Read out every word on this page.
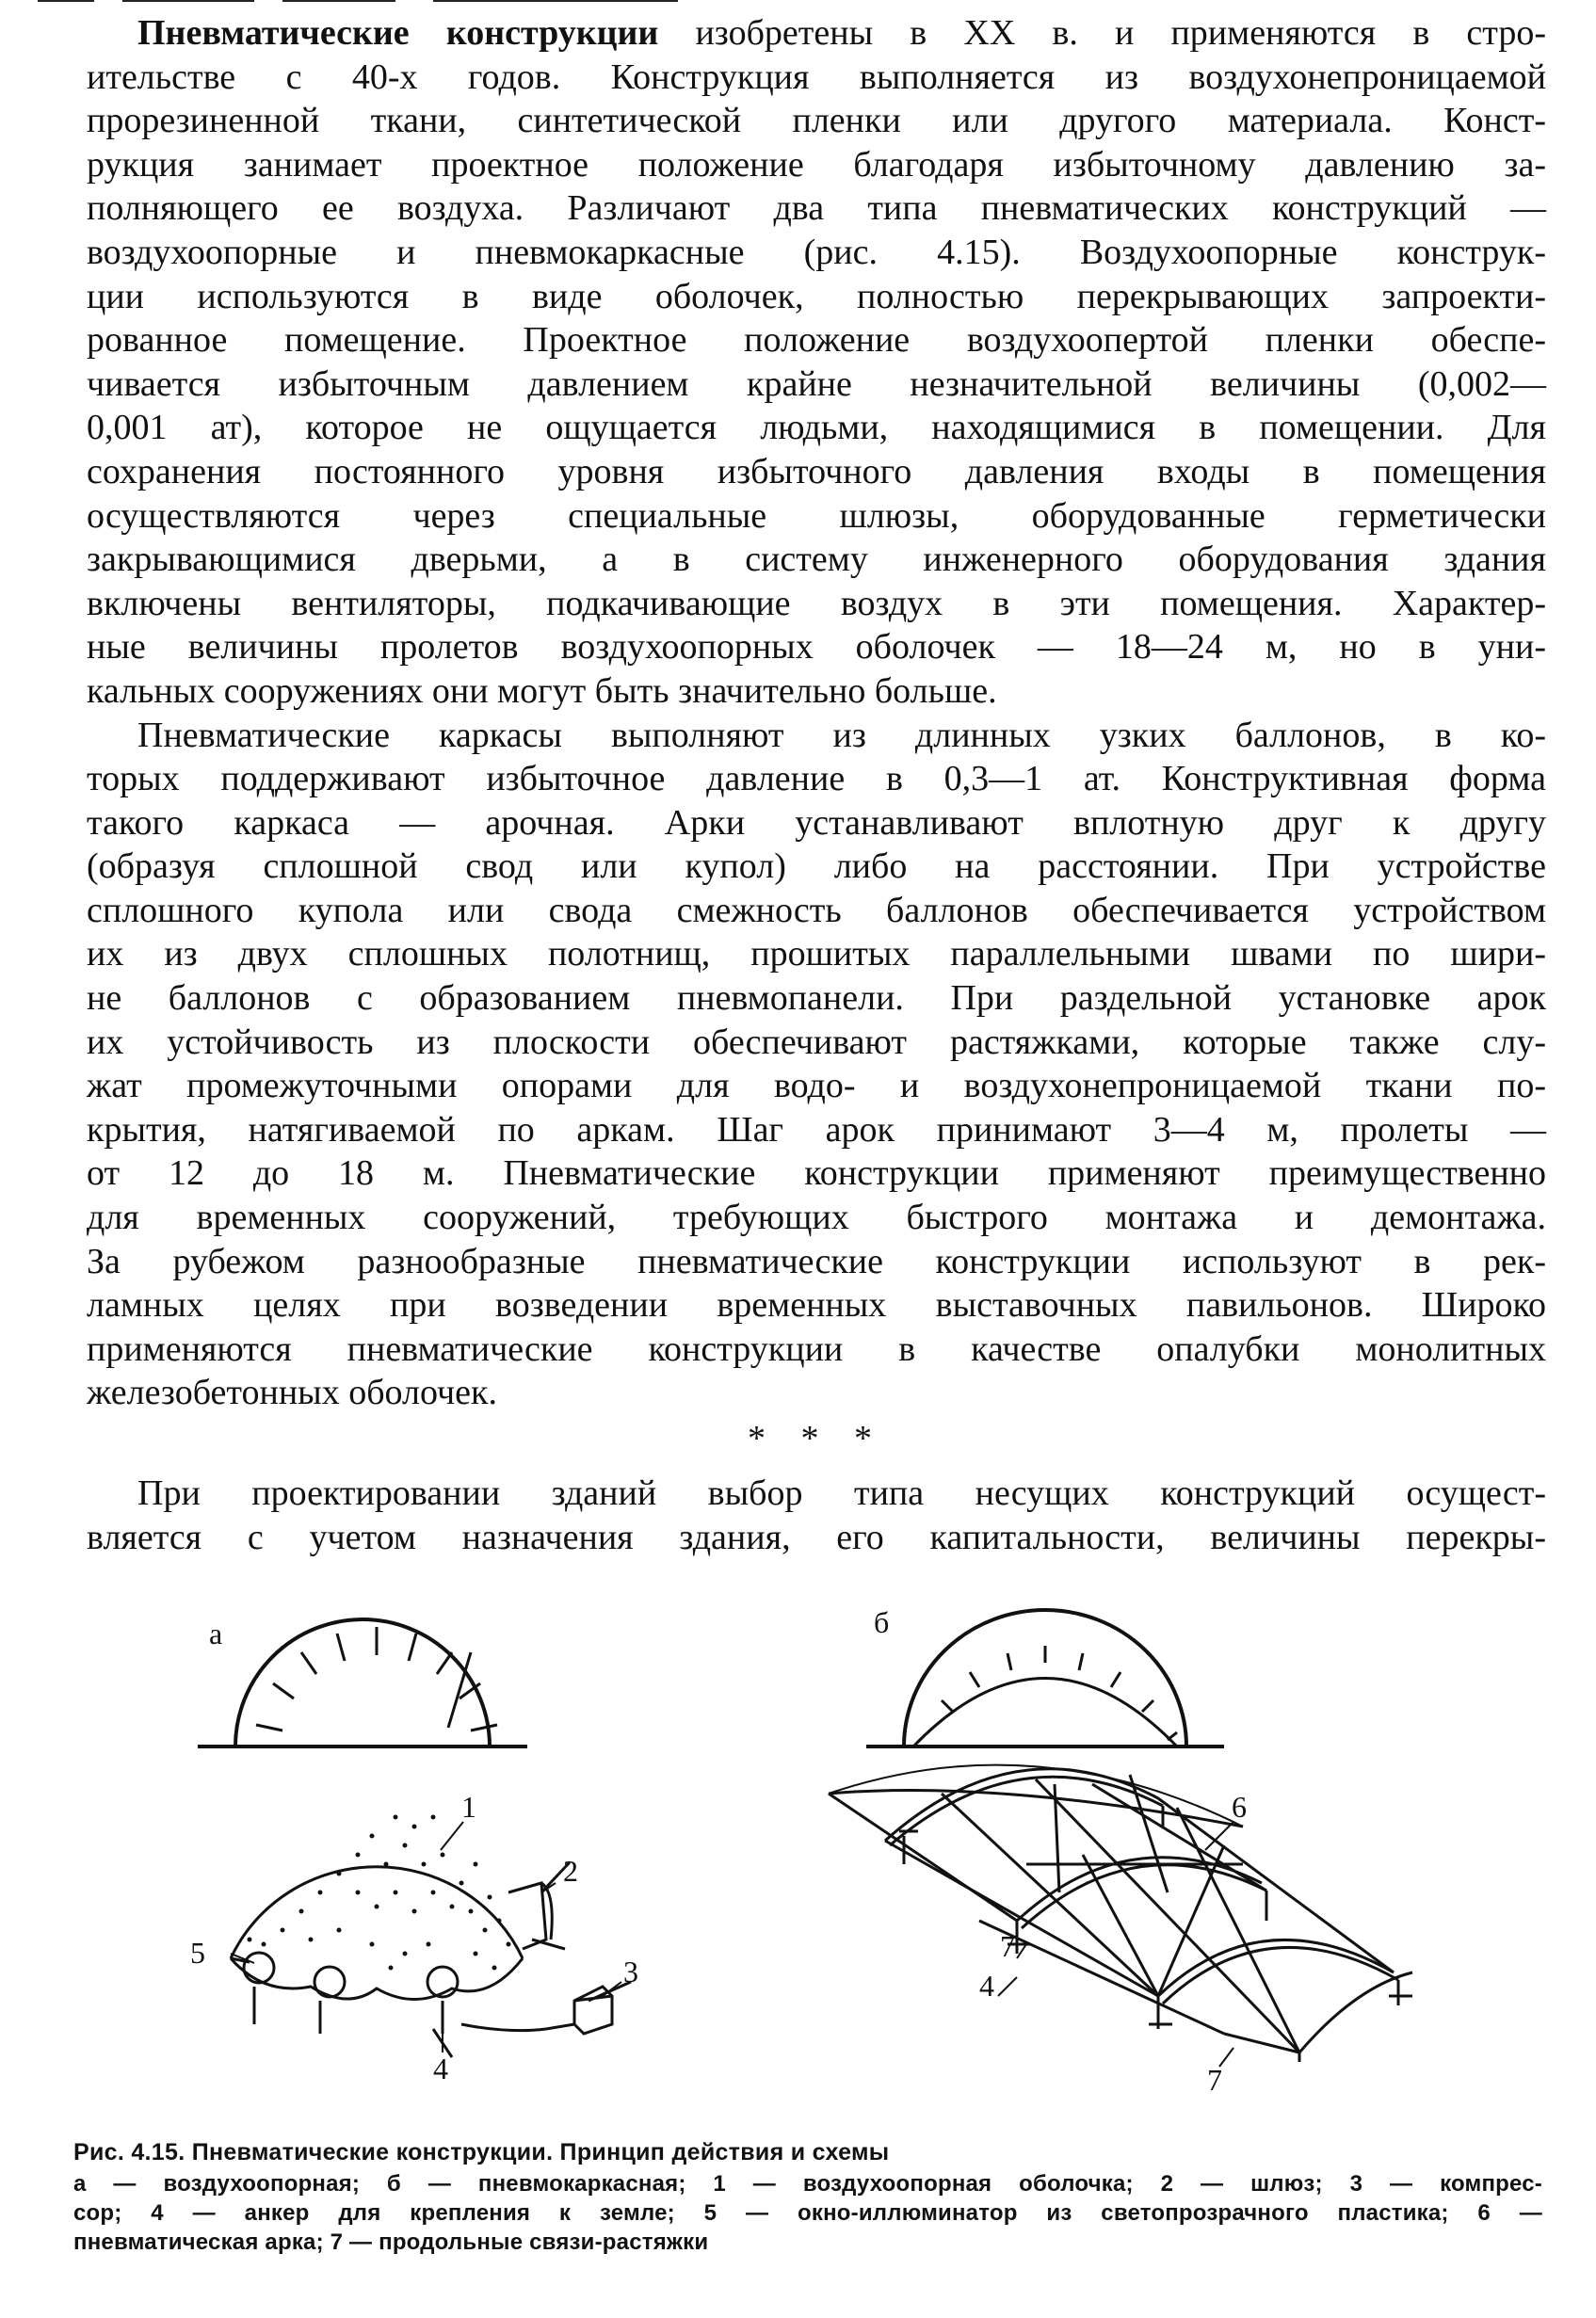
Пневматические конструкции изобретены в XX в. и применяются в стро-
ительстве с 40-х годов. Конструкция выполняется из воздухонепроницаемой
прорезиненной ткани, синтетической пленки или другого материала. Конст-
рукция занимает проектное положение благодаря избыточному давлению за-
полняющего ее воздуха. Различают два типа пневматических конструкций —
воздухоопорные и пневмокаркасные (рис. 4.15). Воздухоопорные конструк-
ции используются в виде оболочек, полностью перекрывающих запроекти-
рованное помещение. Проектное положение воздухоопертой пленки обеспе-
чивается избыточным давлением крайне незначительной величины (0,002—
0,001 ат), которое не ощущается людьми, находящимися в помещении. Для
сохранения постоянного уровня избыточного давления входы в помещения
осуществляются через специальные шлюзы, оборудованные герметически
закрывающимися дверьми, а в систему инженерного оборудования здания
включены вентиляторы, подкачивающие воздух в эти помещения. Характер-
ные величины пролетов воздухоопорных оболочек — 18—24 м, но в уни-
кальных сооружениях они могут быть значительно больше.
Пневматические каркасы выполняют из длинных узких баллонов, в ко-
торых поддерживают избыточное давление в 0,3—1 ат. Конструктивная форма
такого каркаса — арочная. Арки устанавливают вплотную друг к другу
(образуя сплошной свод или купол) либо на расстоянии. При устройстве
сплошного купола или свода смежность баллонов обеспечивается устройством
их из двух сплошных полотнищ, прошитых параллельными швами по шири-
не баллонов с образованием пневмопанели. При раздельной установке арок
их устойчивость из плоскости обеспечивают растяжками, которые также слу-
жат промежуточными опорами для водо- и воздухонепроницаемой ткани по-
крытия, натягиваемой по аркам. Шаг арок принимают 3—4 м, пролеты —
от 12 до 18 м. Пневматические конструкции применяют преимущественно
для временных сооружений, требующих быстрого монтажа и демонтажа.
За рубежом разнообразные пневматические конструкции используют в рек-
ламных целях при возведении временных выставочных павильонов. Широко
применяются пневматические конструкции в качестве опалубки монолитных
железобетонных оболочек.
* * *
При проектировании зданий выбор типа несущих конструкций осущест-
вляется с учетом назначения здания, его капитальности, величины перекры-
а	б
1
2
3
4
5
6
7
4
7
Рис. 4.15. Пневматические конструкции. Принцип действия и схемы
а — воздухоопорная; б — пневмокаркасная; 1 — воздухоопорная оболочка; 2 — шлюз; 3 — компрес-
сор; 4 — анкер для крепления к земле; 5 — окно-иллюминатор из светопрозрачного пластика; 6 —
пневматическая арка; 7 — продольные связи-растяжки
